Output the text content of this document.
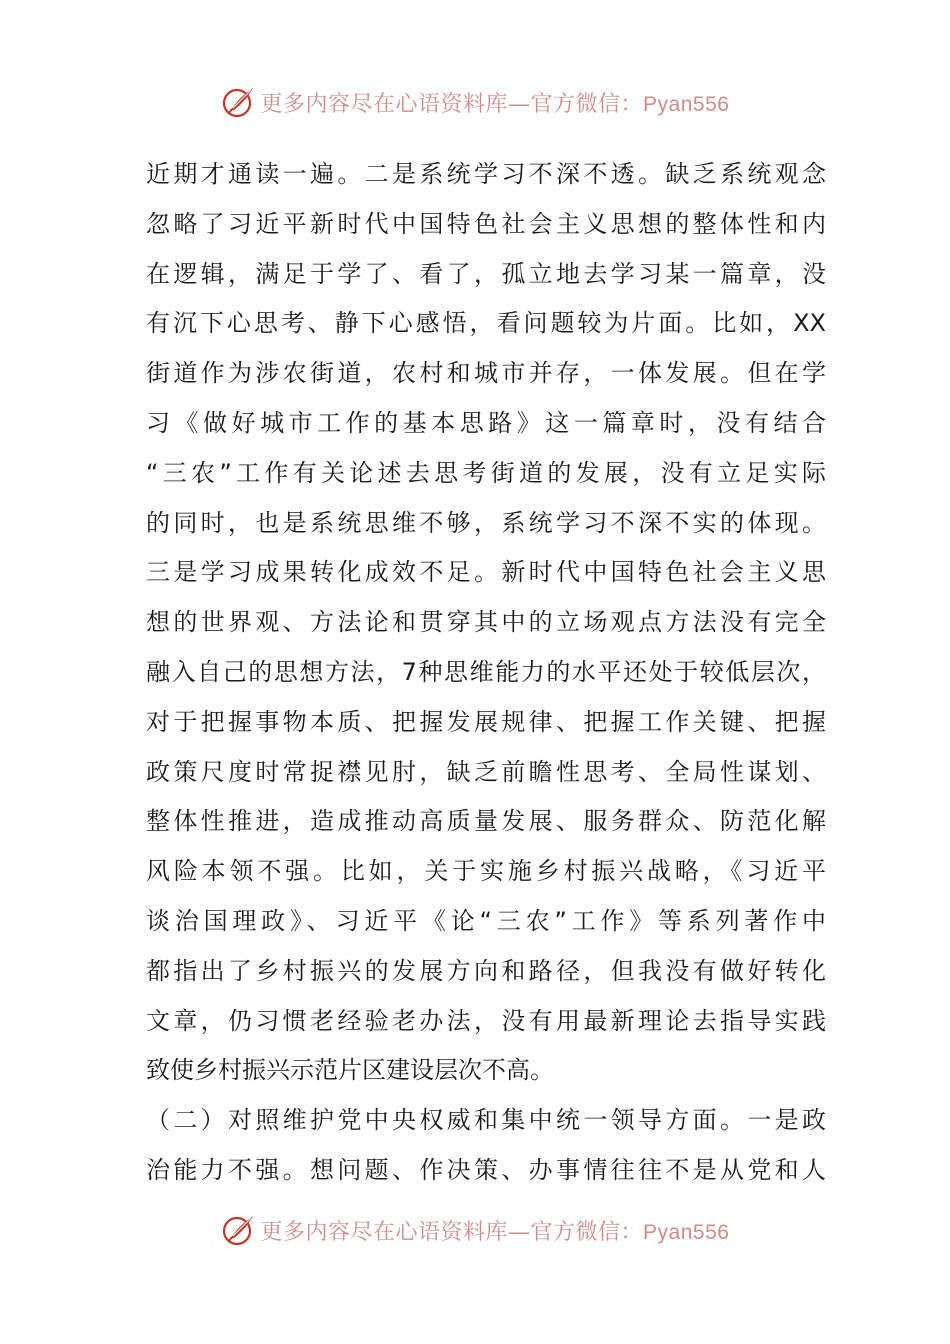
更多内容尽在心语资料库—官方微信：Pyan556
近期才通读一遍。二是系统学习不深不透。缺乏系统观念
忽略了习近平新时代中国特色社会主义思想的整体性和内
在逻辑，满足于学了、看了，孤立地去学习某一篇章，没
有沉下心思考、静下心感悟，看问题较为片面。比如，XX
街道作为涉农街道，农村和城市并存，一体发展。但在学
习《做好城市工作的基本思路》这一篇章时，没有结合
“三农”工作有关论述去思考街道的发展，没有立足实际
的同时，也是系统思维不够，系统学习不深不实的体现。
三是学习成果转化成效不足。新时代中国特色社会主义思
想的世界观、方法论和贯穿其中的立场观点方法没有完全
融入自己的思想方法，7种思维能力的水平还处于较低层次，
对于把握事物本质、把握发展规律、把握工作关键、把握
政策尺度时常捉襟见肘，缺乏前瞻性思考、全局性谋划、
整体性推进，造成推动高质量发展、服务群众、防范化解
风险本领不强。比如，关于实施乡村振兴战略，《习近平
谈治国理政》、习近平《论“三农”工作》等系列著作中
都指出了乡村振兴的发展方向和路径，但我没有做好转化
文章，仍习惯老经验老办法，没有用最新理论去指导实践
致使乡村振兴示范片区建设层次不高。
（二）对照维护党中央权威和集中统一领导方面。一是政
治能力不强。想问题、作决策、办事情往往不是从党和人
更多内容尽在心语资料库—官方微信：Pyan556
